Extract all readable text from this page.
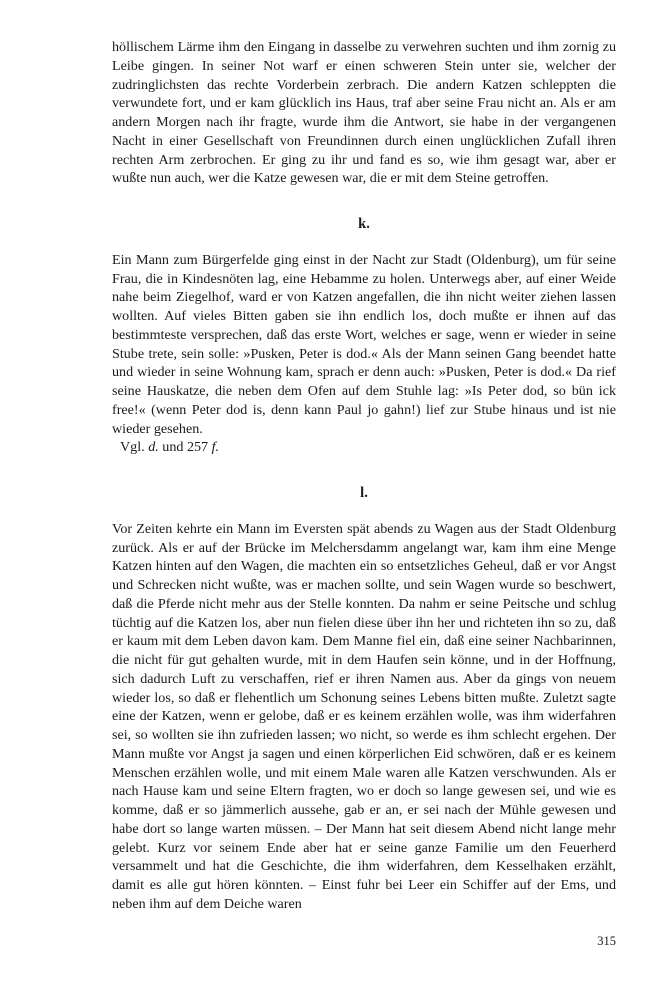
höllischem Lärme ihm den Eingang in dasselbe zu verwehren suchten und ihm zornig zu Leibe gingen. In seiner Not warf er einen schweren Stein unter sie, welcher der zudringlichsten das rechte Vorderbein zerbrach. Die andern Katzen schleppten die verwundete fort, und er kam glücklich ins Haus, traf aber seine Frau nicht an. Als er am andern Morgen nach ihr fragte, wurde ihm die Antwort, sie habe in der vergangenen Nacht in einer Gesellschaft von Freundinnen durch einen unglücklichen Zufall ihren rechten Arm zerbrochen. Er ging zu ihr und fand es so, wie ihm gesagt war, aber er wußte nun auch, wer die Katze gewesen war, die er mit dem Steine getroffen.

k.

Ein Mann zum Bürgerfelde ging einst in der Nacht zur Stadt (Oldenburg), um für seine Frau, die in Kindesnöten lag, eine Hebamme zu holen. Unterwegs aber, auf einer Weide nahe beim Ziegelhof, ward er von Katzen angefallen, die ihn nicht weiter ziehen lassen wollten. Auf vieles Bitten gaben sie ihn endlich los, doch mußte er ihnen auf das bestimmteste versprechen, daß das erste Wort, welches er sage, wenn er wieder in seine Stube trete, sein solle: »Pusken, Peter is dod.« Als der Mann seinen Gang beendet hatte und wieder in seine Wohnung kam, sprach er denn auch: »Pusken, Peter is dod.« Da rief seine Hauskatze, die neben dem Ofen auf dem Stuhle lag: »Is Peter dod, so bün ick free!« (wenn Peter dod is, denn kann Paul jo gahn!) lief zur Stube hinaus und ist nie wieder gesehen.

Vgl. d. und 257 f.

l.

Vor Zeiten kehrte ein Mann im Eversten spät abends zu Wagen aus der Stadt Oldenburg zurück. Als er auf der Brücke im Melchersdamm angelangt war, kam ihm eine Menge Katzen hinten auf den Wagen, die machten ein so entsetzliches Geheul, daß er vor Angst und Schrecken nicht wußte, was er machen sollte, und sein Wagen wurde so beschwert, daß die Pferde nicht mehr aus der Stelle konnten. Da nahm er seine Peitsche und schlug tüchtig auf die Katzen los, aber nun fielen diese über ihn her und richteten ihn so zu, daß er kaum mit dem Leben davon kam. Dem Manne fiel ein, daß eine seiner Nachbarinnen, die nicht für gut gehalten wurde, mit in dem Haufen sein könne, und in der Hoffnung, sich dadurch Luft zu verschaffen, rief er ihren Namen aus. Aber da gings von neuem wieder los, so daß er flehentlich um Schonung seines Lebens bitten mußte. Zuletzt sagte eine der Katzen, wenn er gelobe, daß er es keinem erzählen wolle, was ihm widerfahren sei, so wollten sie ihn zufrieden lassen; wo nicht, so werde es ihm schlecht ergehen. Der Mann mußte vor Angst ja sagen und einen körperlichen Eid schwören, daß er es keinem Menschen erzählen wolle, und mit einem Male waren alle Katzen verschwunden. Als er nach Hause kam und seine Eltern fragten, wo er doch so lange gewesen sei, und wie es komme, daß er so jämmerlich aussehe, gab er an, er sei nach der Mühle gewesen und habe dort so lange warten müssen. – Der Mann hat seit diesem Abend nicht lange mehr gelebt. Kurz vor seinem Ende aber hat er seine ganze Familie um den Feuerherd versammelt und hat die Geschichte, die ihm widerfahren, dem Kesselhaken erzählt, damit es alle gut hören könnten. – Einst fuhr bei Leer ein Schiffer auf der Ems, und neben ihm auf dem Deiche waren

315
